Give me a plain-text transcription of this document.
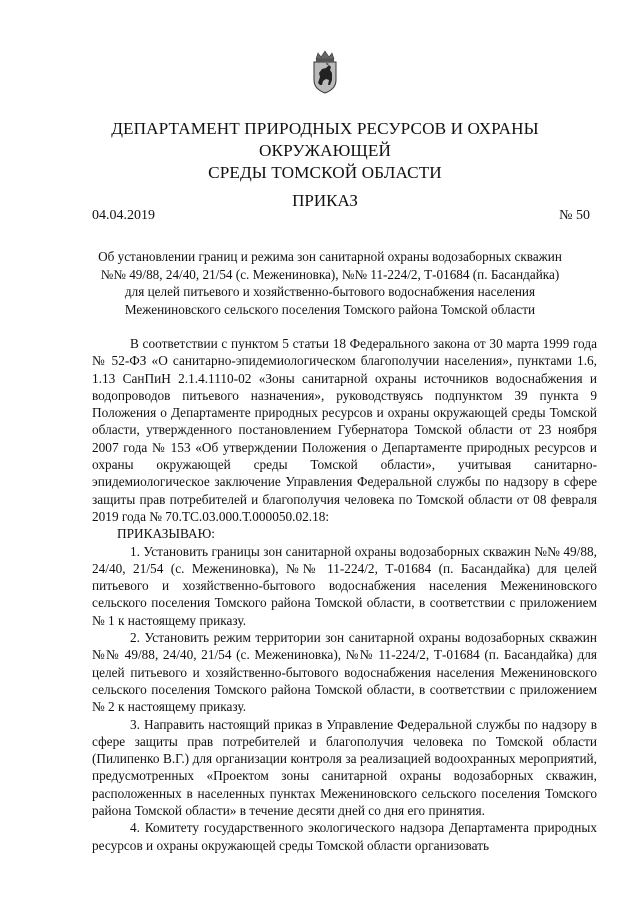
ДЕПАРТАМЕНТ ПРИРОДНЫХ РЕСУРСОВ И ОХРАНЫ ОКРУЖАЮЩЕЙ
СРЕДЫ ТОМСКОЙ ОБЛАСТИ
ПРИКАЗ
04.04.2019	№ 50
Об установлении границ и режима зон санитарной охраны водозаборных скважин
№№ 49/88, 24/40, 21/54 (с. Межениновка), №№ 11-224/2, Т-01684 (п. Басандайка)
для целей питьевого и хозяйственно-бытового водоснабжения населения
Межениновского сельского поселения Томского района Томской области

В соответствии с пунктом 5 статьи 18 Федерального закона от 30 марта 1999 года № 52-ФЗ «О санитарно-эпидемиологическом благополучии населения», пунктами 1.6, 1.13 СанПиН 2.1.4.1110-02 «Зоны санитарной охраны источников водоснабжения и водопроводов питьевого назначения», руководствуясь подпунктом 39 пункта 9 Положения о Департаменте природных ресурсов и охраны окружающей среды Томской области, утвержденного постановлением Губернатора Томской области от 23 ноября 2007 года № 153 «Об утверждении Положения о Департаменте природных ресурсов и охраны окружающей среды Томской области», учитывая санитарно-эпидемиологическое заключение Управления Федеральной службы по надзору в сфере защиты прав потребителей и благополучия человека по Томской области от 08 февраля 2019 года № 70.ТС.03.000.Т.000050.02.18:

ПРИКАЗЫВАЮ:

1. Установить границы зон санитарной охраны водозаборных скважин №№ 49/88, 24/40, 21/54 (с. Межениновка), №№ 11-224/2, Т-01684 (п. Басандайка) для целей питьевого и хозяйственно-бытового водоснабжения населения Межениновского сельского поселения Томского района Томской области, в соответствии с приложением № 1 к настоящему приказу.

2. Установить режим территории зон санитарной охраны водозаборных скважин №№ 49/88, 24/40, 21/54 (с. Межениновка), №№ 11-224/2, Т-01684 (п. Басандайка) для целей питьевого и хозяйственно-бытового водоснабжения населения Межениновского сельского поселения Томского района Томской области, в соответствии с приложением № 2 к настоящему приказу.

3. Направить настоящий приказ в Управление Федеральной службы по надзору в сфере защиты прав потребителей и благополучия человека по Томской области (Пилипенко В.Г.) для организации контроля за реализацией водоохранных мероприятий, предусмотренных «Проектом зоны санитарной охраны водозаборных скважин, расположенных в населенных пунктах Межениновского сельского поселения Томского района Томской области» в течение десяти дней со дня его принятия.

4. Комитету государственного экологического надзора Департамента природных ресурсов и охраны окружающей среды Томской области организовать
